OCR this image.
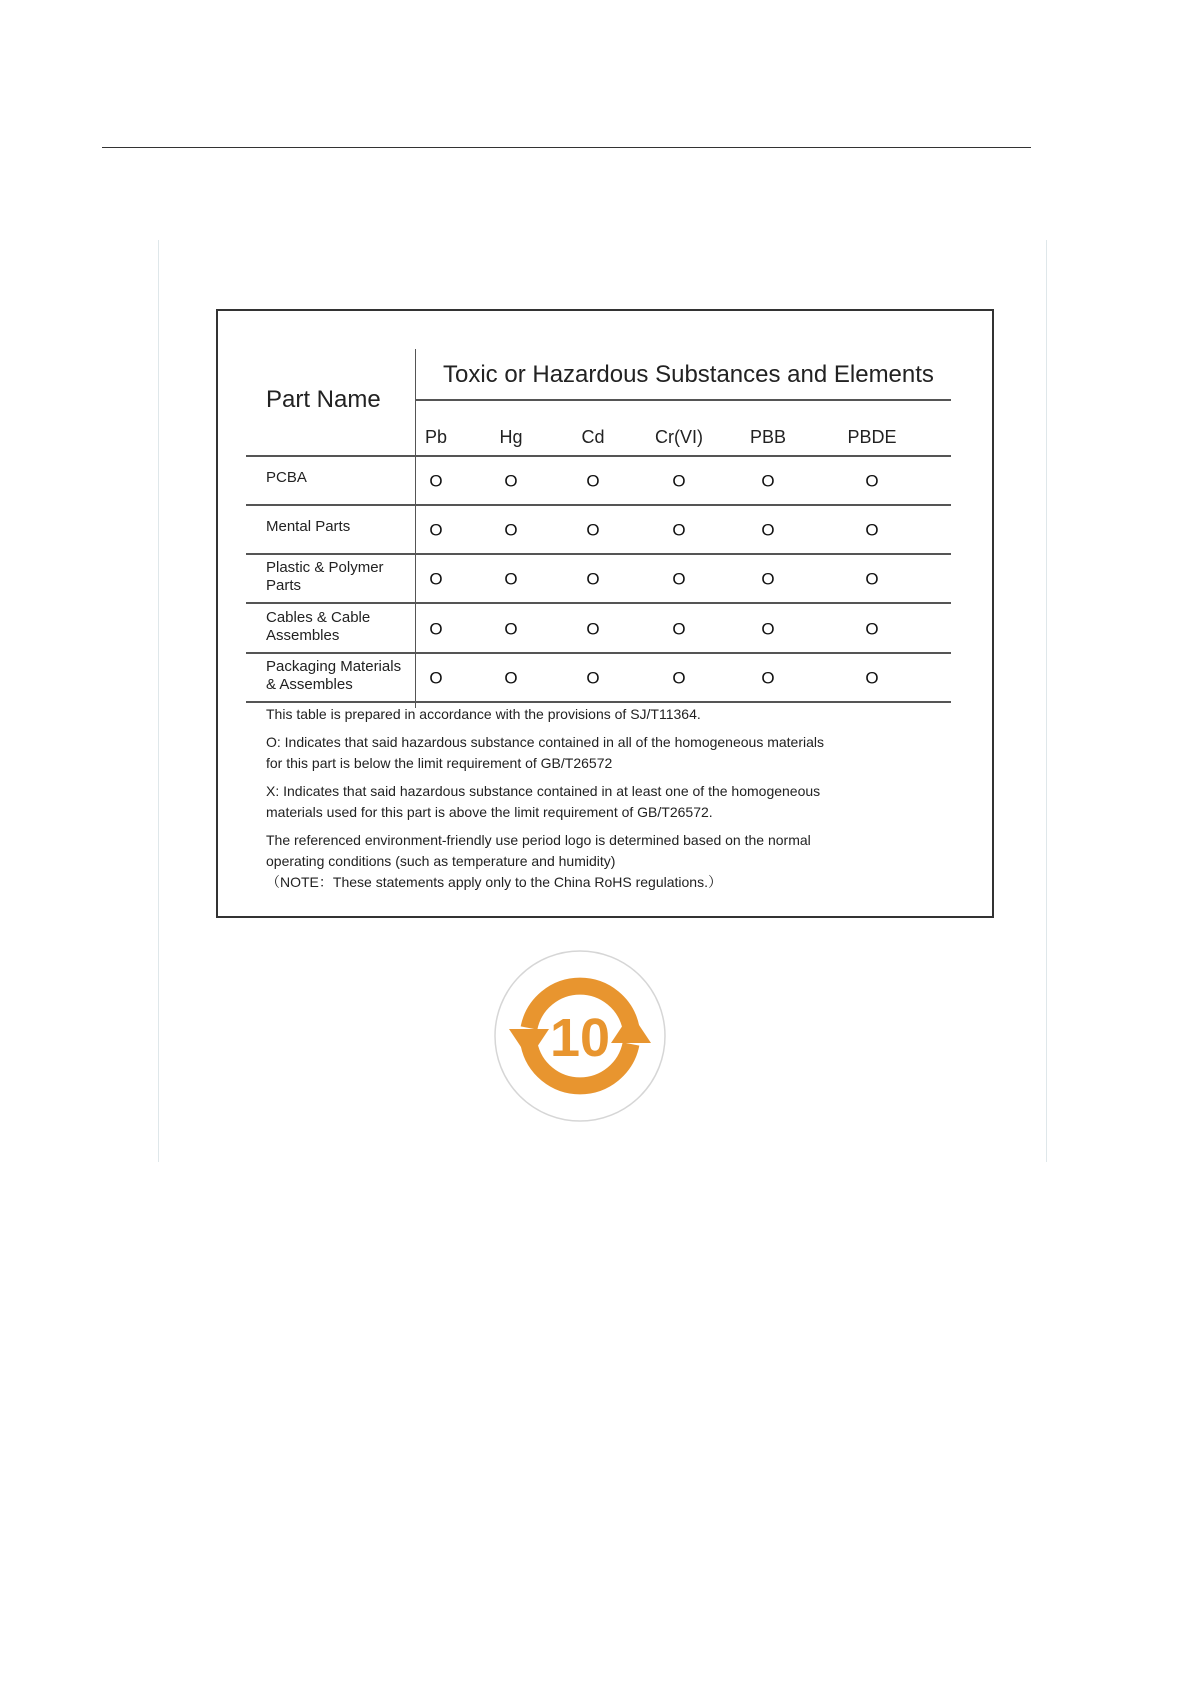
Part Name
Toxic or Hazardous Substances and Elements
Pb	Hg	Cd	Cr(VI)	PBB	PBDE
PCBA	O	O	O	O	O	O
Mental Parts	O	O	O	O	O	O
Plastic & Polymer
Parts	O	O	O	O	O	O
Cables & Cable
Assembles	O	O	O	O	O	O
Packaging Materials
& Assembles	O	O	O	O	O	O

This table is prepared in accordance with the provisions of SJ/T11364.

O: Indicates that said hazardous substance contained in all of the homogeneous materials

for this part is below the limit requirement of GB/T26572

X: Indicates that said hazardous substance contained in at least one of the homogeneous

materials used for this part is above the limit requirement of GB/T26572.

The referenced environment-friendly use period logo is determined based on the normal

operating conditions (such as temperature and humidity)

（NOTE：These statements apply only to the China RoHS regulations.）

10
